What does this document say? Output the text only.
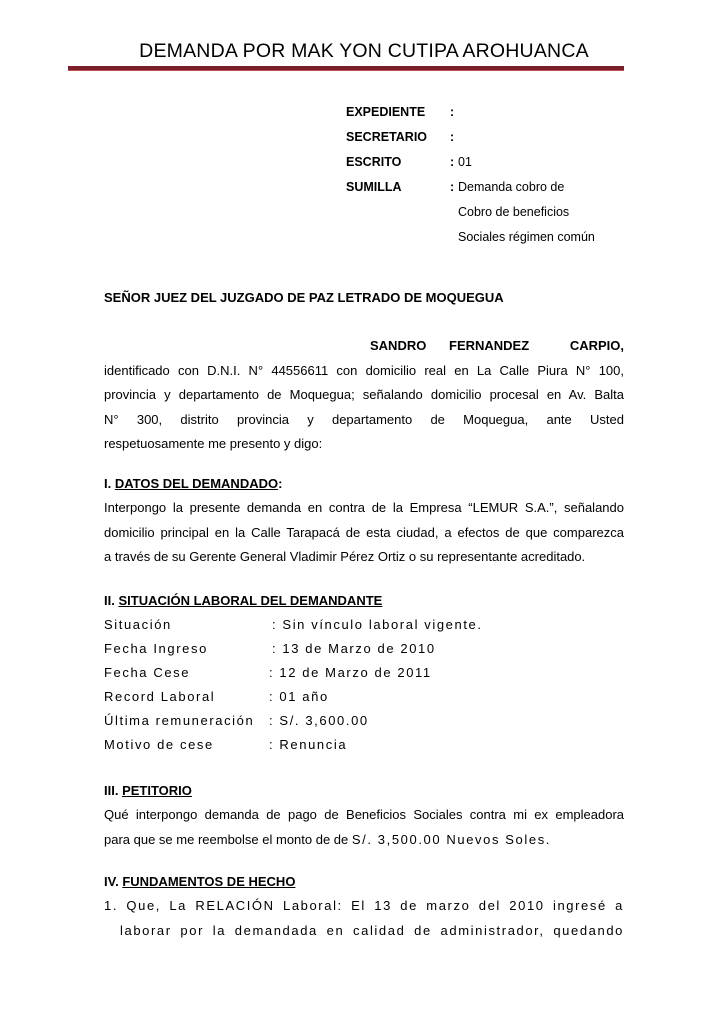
DEMANDA POR MAK YON CUTIPA AROHUANCA
EXPEDIENTE :
SECRETARIO :
ESCRITO	: 01
SUMILLA	: Demanda cobro de
Cobro de beneficios
Sociales régimen común
SEÑOR JUEZ DEL JUZGADO DE PAZ LETRADO DE MOQUEGUA
SANDRO FERNANDEZ	CARPIO,
identificado con D.N.I. N° 44556611 con domicilio real en La Calle Piura N° 100,
provincia y departamento de Moquegua; señalando domicilio procesal en Av. Balta
N° 300, distrito provincia y departamento de Moquegua, ante Usted
respetuosamente me presento y digo:
I. DATOS DEL DEMANDADO:
Interpongo la presente demanda en contra de la Empresa “LEMUR S.A.”, señalando
domicilio principal en la Calle Tarapacá de esta ciudad, a efectos de que comparezca
a través de su Gerente General Vladimir Pérez Ortiz o su representante acreditado.
II. SITUACIÓN LABORAL DEL DEMANDANTE
Situación	: Sin vínculo laboral vigente.
Fecha Ingreso	: 13 de Marzo de 2010
Fecha Cese	: 12 de Marzo de 2011
Record Laboral	: 01 año
Última remuneración : S/. 3,600.00
Motivo de cese	: Renuncia
III. PETITORIO
Qué interpongo demanda de pago de Beneficios Sociales contra mi ex empleadora
para que se me reembolse el monto de de S/. 3,500.00 Nuevos Soles.
IV. FUNDAMENTOS DE HECHO
1. Que, La RELACIÓN Laboral: El 13 de marzo del 2010 ingresé a
laborar por la demandada en calidad de administrador, quedando
